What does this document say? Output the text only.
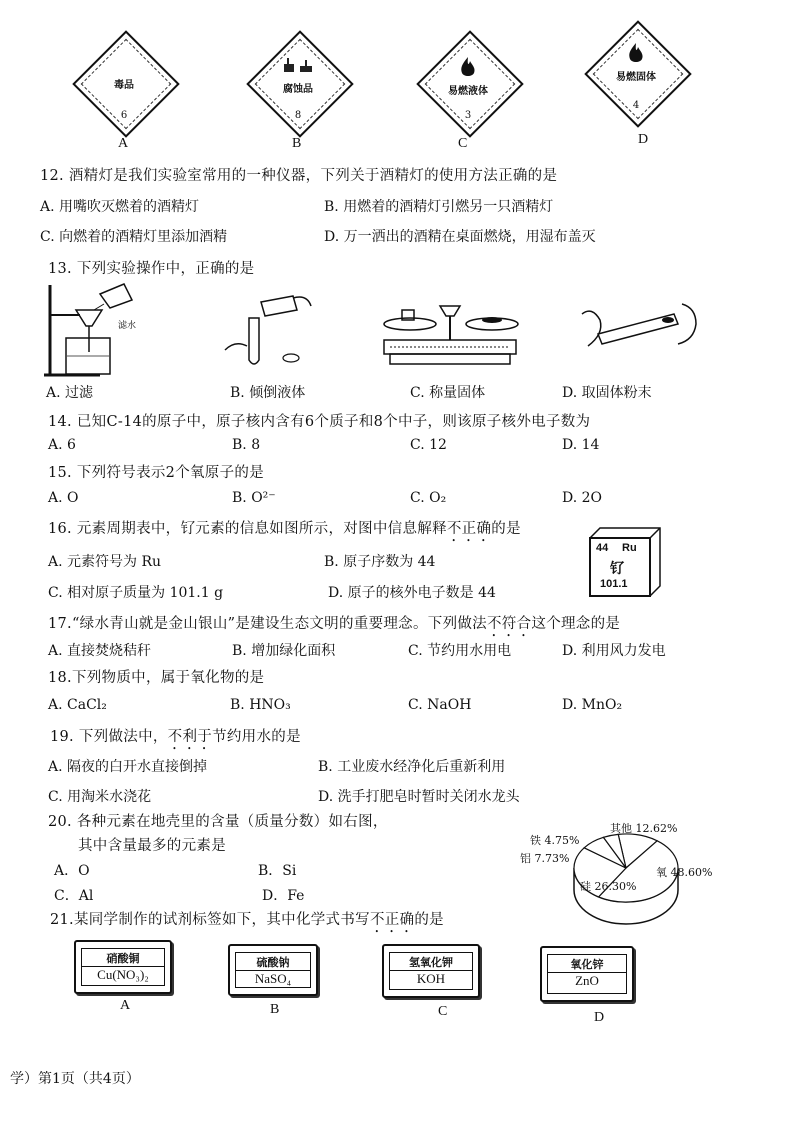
毒品
6
腐蚀品
8
易燃液体
3
易燃固体
4
A	B	C	D
12. 酒精灯是我们实验室常用的一种仪器，下列关于酒精灯的使用方法正确的是
A. 用嘴吹灭燃着的酒精灯	B. 用燃着的酒精灯引燃另一只酒精灯
C. 向燃着的酒精灯里添加酒精	D. 万一洒出的酒精在桌面燃烧，用湿布盖灭
13. 下列实验操作中，正确的是
滤水
A. 过滤	B. 倾倒液体	C. 称量固体	D. 取固体粉末
14. 已知C-14的原子中，原子核内含有6个质子和8个中子，则该原子核外电子数为
A. 6	B. 8	C. 12	D. 14
15. 下列符号表示2个氧原子的是
A. O	B. O²⁻	C. O₂	D. 2O
16. 元素周期表中，钌元素的信息如图所示，对图中信息解释不正确的是
A. 元素符号为 Ru	B. 原子序数为 44
C. 相对原子质量为 101.1 g	D. 原子的核外电子数是 44
44 Ru
钌
101.1
17.“绿水青山就是金山银山”是建设生态文明的重要理念。下列做法不符合这个理念的是
A. 直接焚烧秸秆	B. 增加绿化面积	C. 节约用水用电	D. 利用风力发电
18.下列物质中，属于氧化物的是
A. CaCl₂	B. HNO₃	C. NaOH	D. MnO₂
19. 下列做法中，不利于节约用水的是
A. 隔夜的白开水直接倒掉	B. 工业废水经净化后重新利用
C. 用淘米水浇花	D. 洗手打肥皂时暂时关闭水龙头
20. 各种元素在地壳里的含量（质量分数）如右图，
其中含量最多的元素是
A．O	B．Si
C．Al	D．Fe
氧 48.60%
硅 26.30%
铝 7.73%
铁 4.75%
其他 12.62%
21.某同学制作的试剂标签如下，其中化学式书写不正确的是
硝酸铜
Cu(NO₃)₂
硫酸钠
NaSO₄
氢氧化钾
KOH
氧化锌
ZnO
A	B	C	D
学）第1页（共4页）
